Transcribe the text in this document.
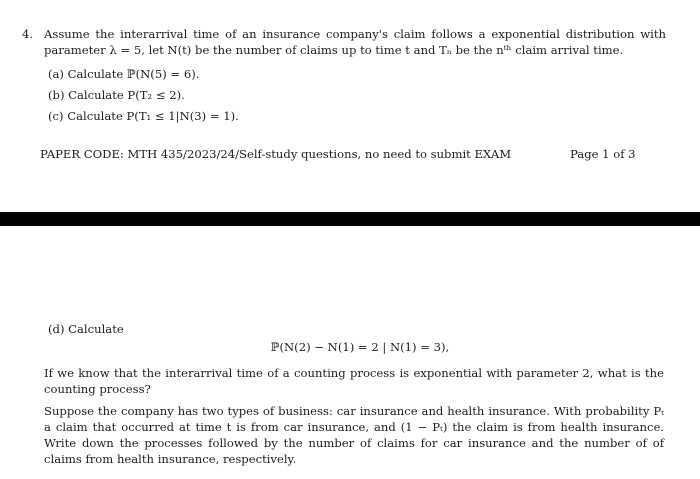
4. Assume the interarrival time of an insurance company's claim follows a exponential distribution with parameter λ = 5, let N(t) be the number of claims up to time t and Tₙ be the nᵗʰ claim arrival time.
(a) Calculate ℙ(N(5) = 6).
(b) Calculate P(T₂ ≤ 2).
(c) Calculate P(T₁ ≤ 1|N(3) = 1).
PAPER CODE: MTH 435/2023/24/Self-study questions, no need to submit EXAM	Page 1 of 3
(d) Calculate
ℙ(N(2) − N(1) = 2 | N(1) = 3),
If we know that the interarrival time of a counting process is exponential with parameter 2, what is the counting process?
Suppose the company has two types of business: car insurance and health insurance. With probability Pₜ a claim that occurred at time t is from car insurance, and (1 − Pₜ) the claim is from health insurance. Write down the processes followed by the number of claims for car insurance and the number of of claims from health insurance, respectively.
